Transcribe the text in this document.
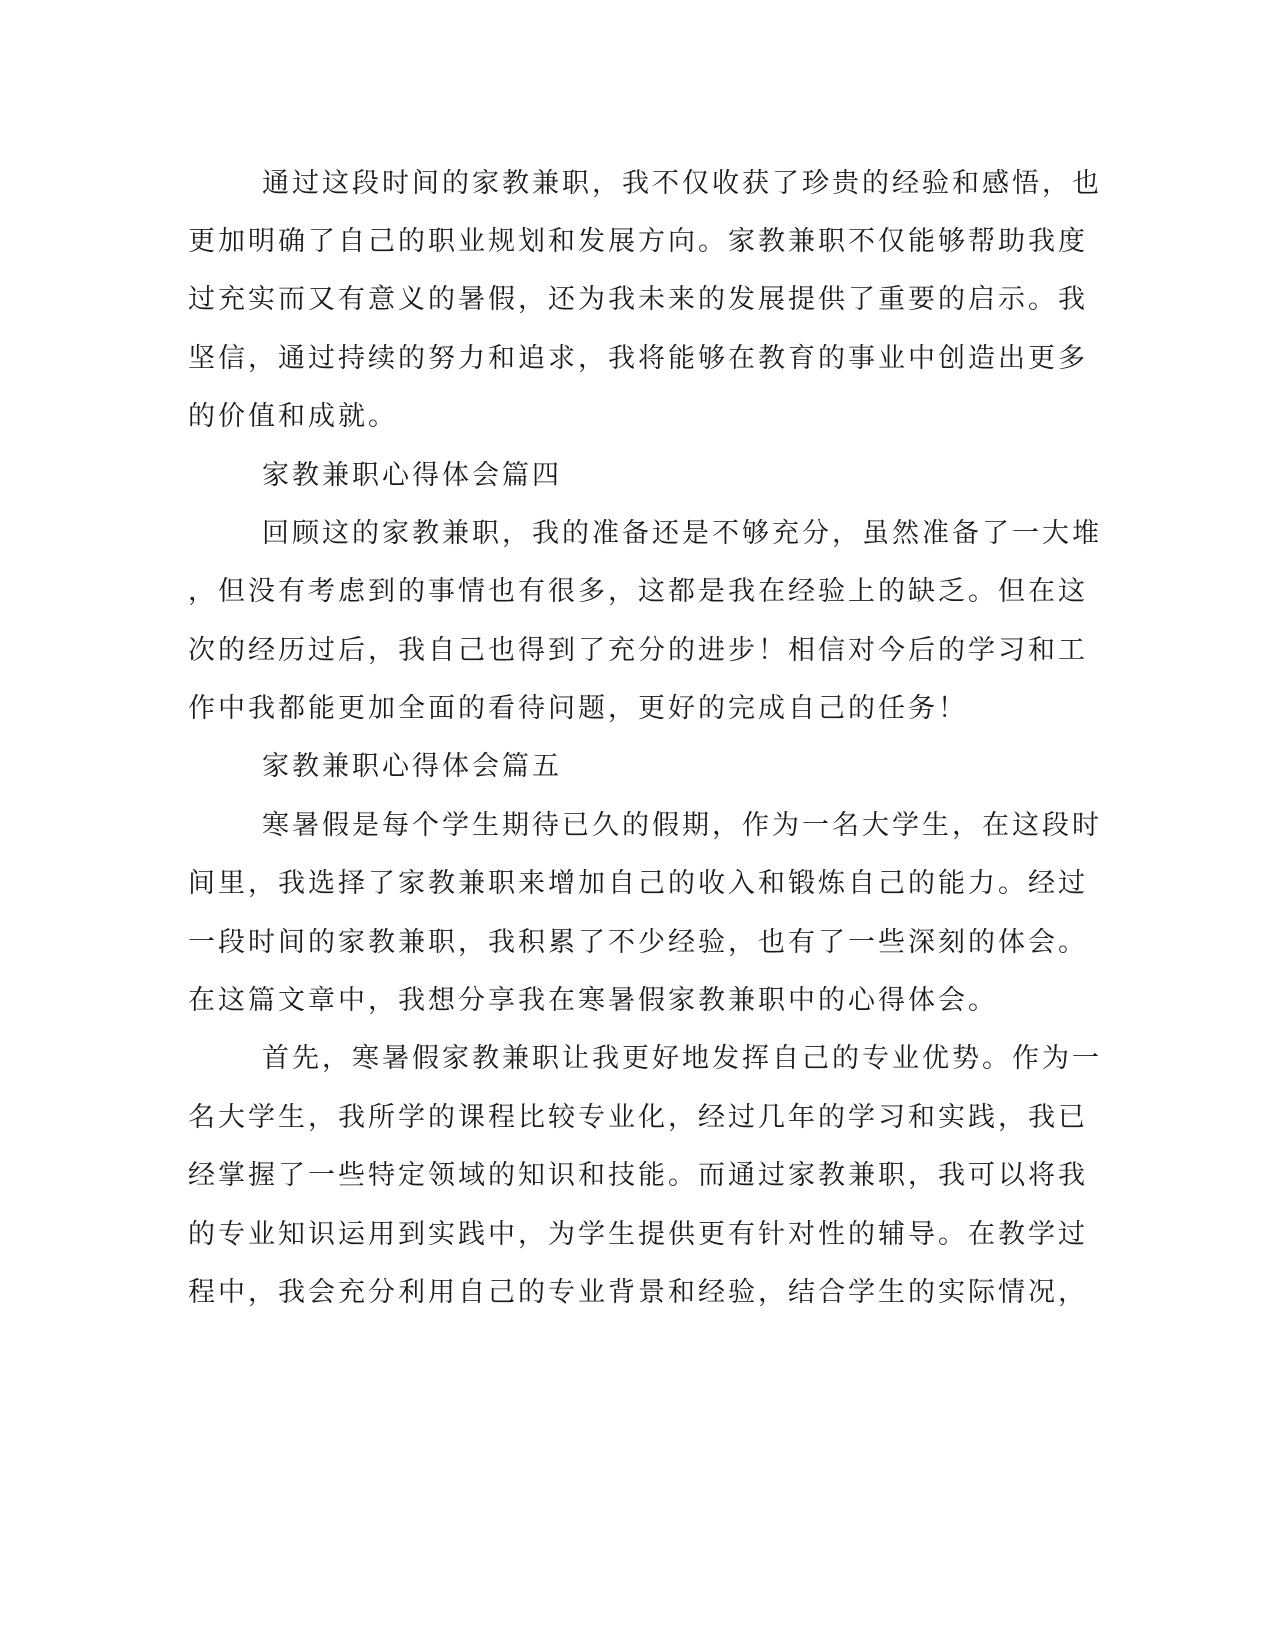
通过这段时间的家教兼职，我不仅收获了珍贵的经验和感悟，也
更加明确了自己的职业规划和发展方向。家教兼职不仅能够帮助我度
过充实而又有意义的暑假，还为我未来的发展提供了重要的启示。我
坚信，通过持续的努力和追求，我将能够在教育的事业中创造出更多
的价值和成就。
家教兼职心得体会篇四
回顾这的家教兼职，我的准备还是不够充分，虽然准备了一大堆
，但没有考虑到的事情也有很多，这都是我在经验上的缺乏。但在这
次的经历过后，我自己也得到了充分的进步！相信对今后的学习和工
作中我都能更加全面的看待问题，更好的完成自己的任务！
家教兼职心得体会篇五
寒暑假是每个学生期待已久的假期，作为一名大学生，在这段时
间里，我选择了家教兼职来增加自己的收入和锻炼自己的能力。经过
一段时间的家教兼职，我积累了不少经验，也有了一些深刻的体会。
在这篇文章中，我想分享我在寒暑假家教兼职中的心得体会。
首先，寒暑假家教兼职让我更好地发挥自己的专业优势。作为一
名大学生，我所学的课程比较专业化，经过几年的学习和实践，我已
经掌握了一些特定领域的知识和技能。而通过家教兼职，我可以将我
的专业知识运用到实践中，为学生提供更有针对性的辅导。在教学过
程中，我会充分利用自己的专业背景和经验，结合学生的实际情况，
